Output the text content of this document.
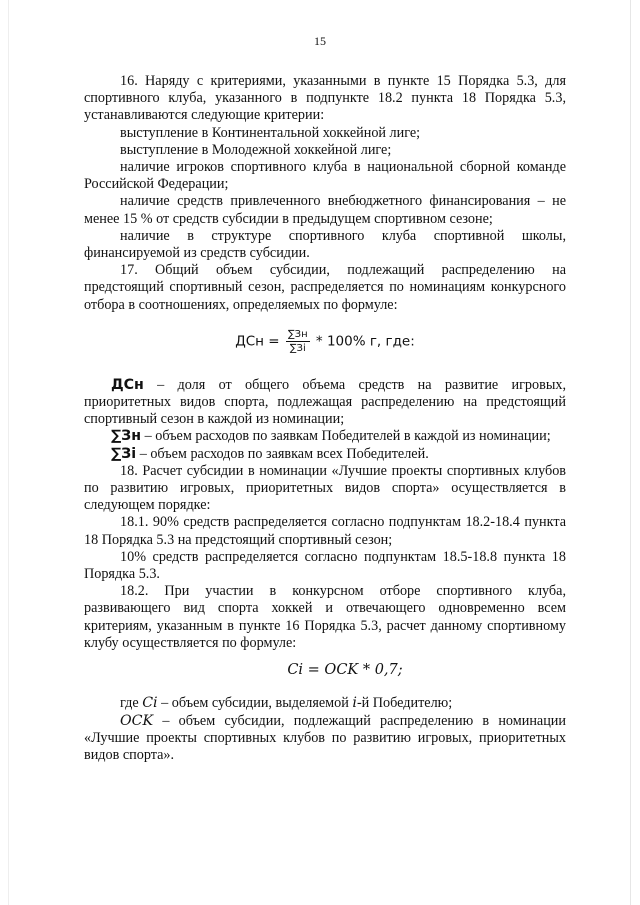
15

16. Наряду с критериями, указанными в пункте 15 Порядка 5.3, для спортивного клуба, указанного в подпункте 18.2 пункта 18 Порядка 5.3, устанавливаются следующие критерии:

выступление в Континентальной хоккейной лиге;

выступление в Молодежной хоккейной лиге;

наличие игроков спортивного клуба в национальной сборной команде Российской Федерации;

наличие средств привлеченного внебюджетного финансирования – не менее 15 % от средств субсидии в предыдущем спортивном сезоне;

наличие в структуре спортивного клуба спортивной школы, финансируемой из средств субсидии.

17. Общий объем субсидии, подлежащий распределению на предстоящий спортивный сезон, распределяется по номинациям конкурсного отбора в соотношениях, определяемых по формуле:

ДСн = $\frac{\sum Зн}{\sum Зi} * 100\%$ г, где:

ДСн – доля от общего объема средств на развитие игровых, приоритетных видов спорта, подлежащая распределению на предстоящий спортивный сезон в каждой из номинации;

∑Зн – объем расходов по заявкам Победителей в каждой из номинации;

∑Зi – объем расходов по заявкам всех Победителей.

18. Расчет субсидии в номинации «Лучшие проекты спортивных клубов по развитию игровых, приоритетных видов спорта» осуществляется в следующем порядке:

18.1. 90% средств распределяется согласно подпунктам 18.2-18.4 пункта 18 Порядка 5.3 на предстоящий спортивный сезон;

10% средств распределяется согласно подпунктам 18.5-18.8 пункта 18 Порядка 5.3.

18.2. При участии в конкурсном отборе спортивного клуба, развивающего вид спорта хоккей и отвечающего одновременно всем критериям, указанным в пункте 16 Порядка 5.3, расчет данному спортивному клубу осуществляется по формуле:

Ci = ОСK * 0,7;

где Ci – объем субсидии, выделяемой i-й Победителю;

ОСK – объем субсидии, подлежащий распределению в номинации «Лучшие проекты спортивных клубов по развитию игровых, приоритетных видов спорта».
